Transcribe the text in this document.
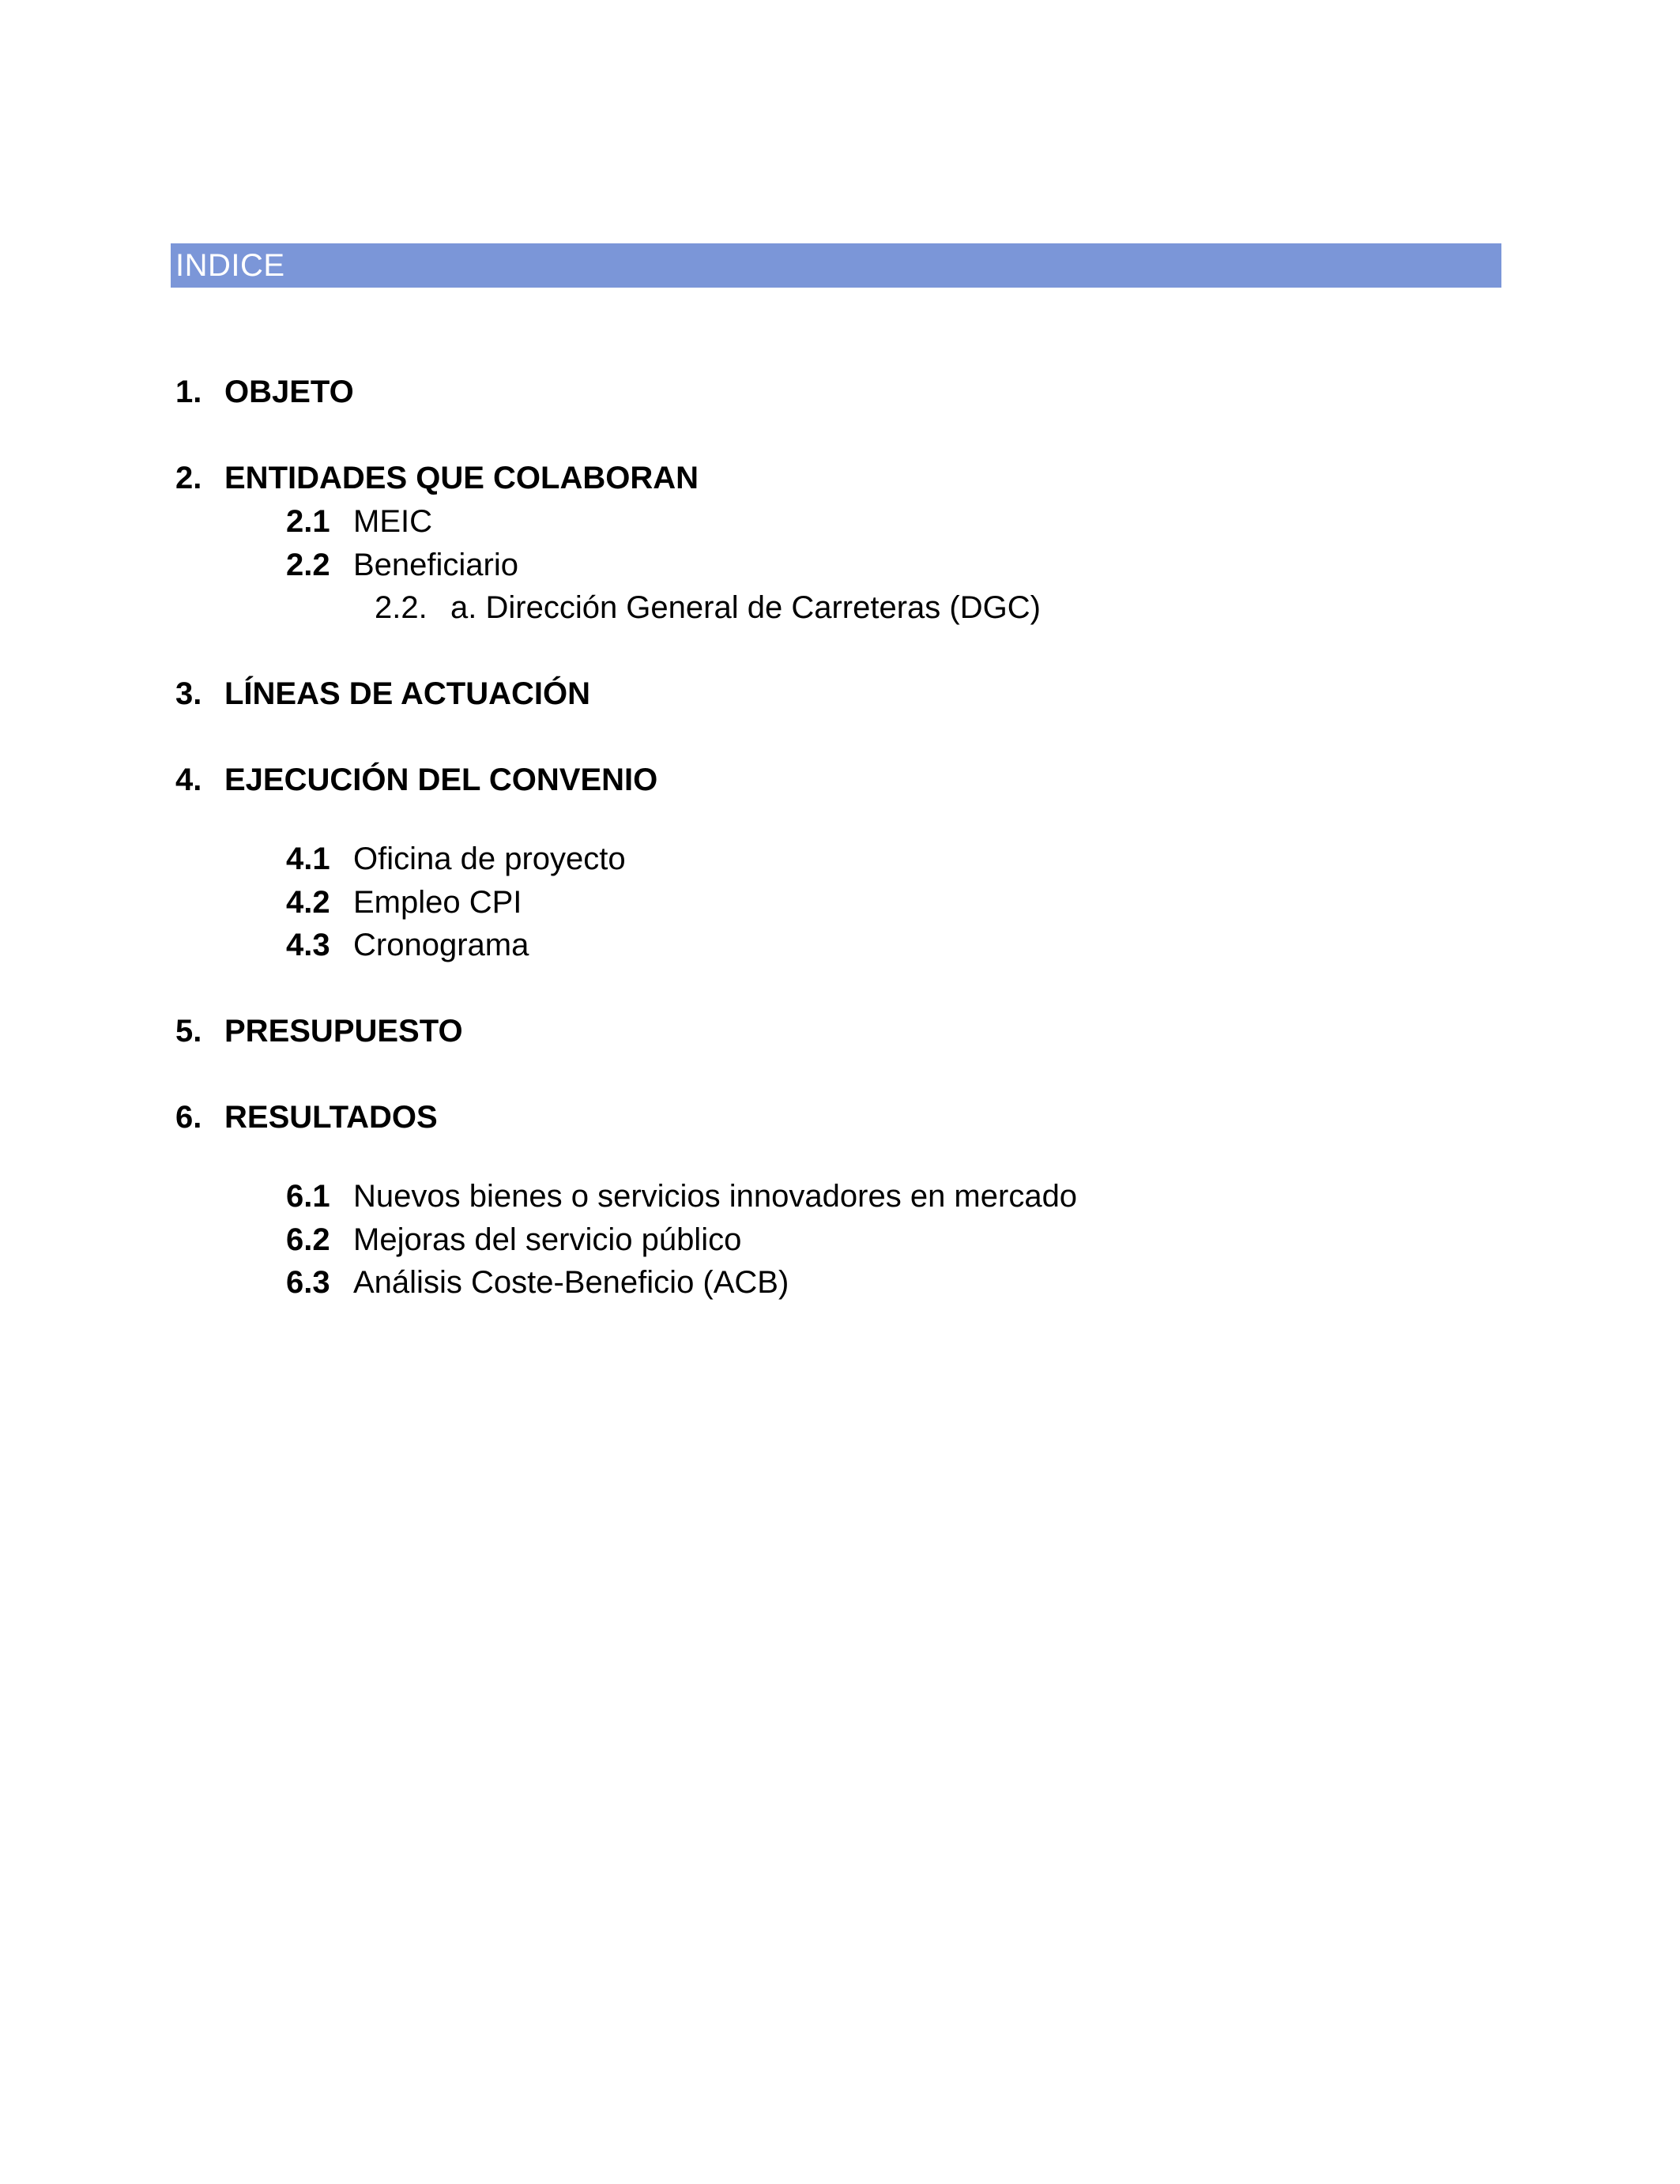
INDICE
1. OBJETO
2. ENTIDADES QUE COLABORAN
2.1 MEIC
2.2 Beneficiario
2.2. a. Dirección General de Carreteras (DGC)
3. LÍNEAS DE ACTUACIÓN
4. EJECUCIÓN DEL CONVENIO
4.1 Oficina de proyecto
4.2 Empleo CPI
4.3 Cronograma
5. PRESUPUESTO
6. RESULTADOS
6.1 Nuevos bienes o servicios innovadores en mercado
6.2 Mejoras del servicio público
6.3 Análisis Coste-Beneficio (ACB)
